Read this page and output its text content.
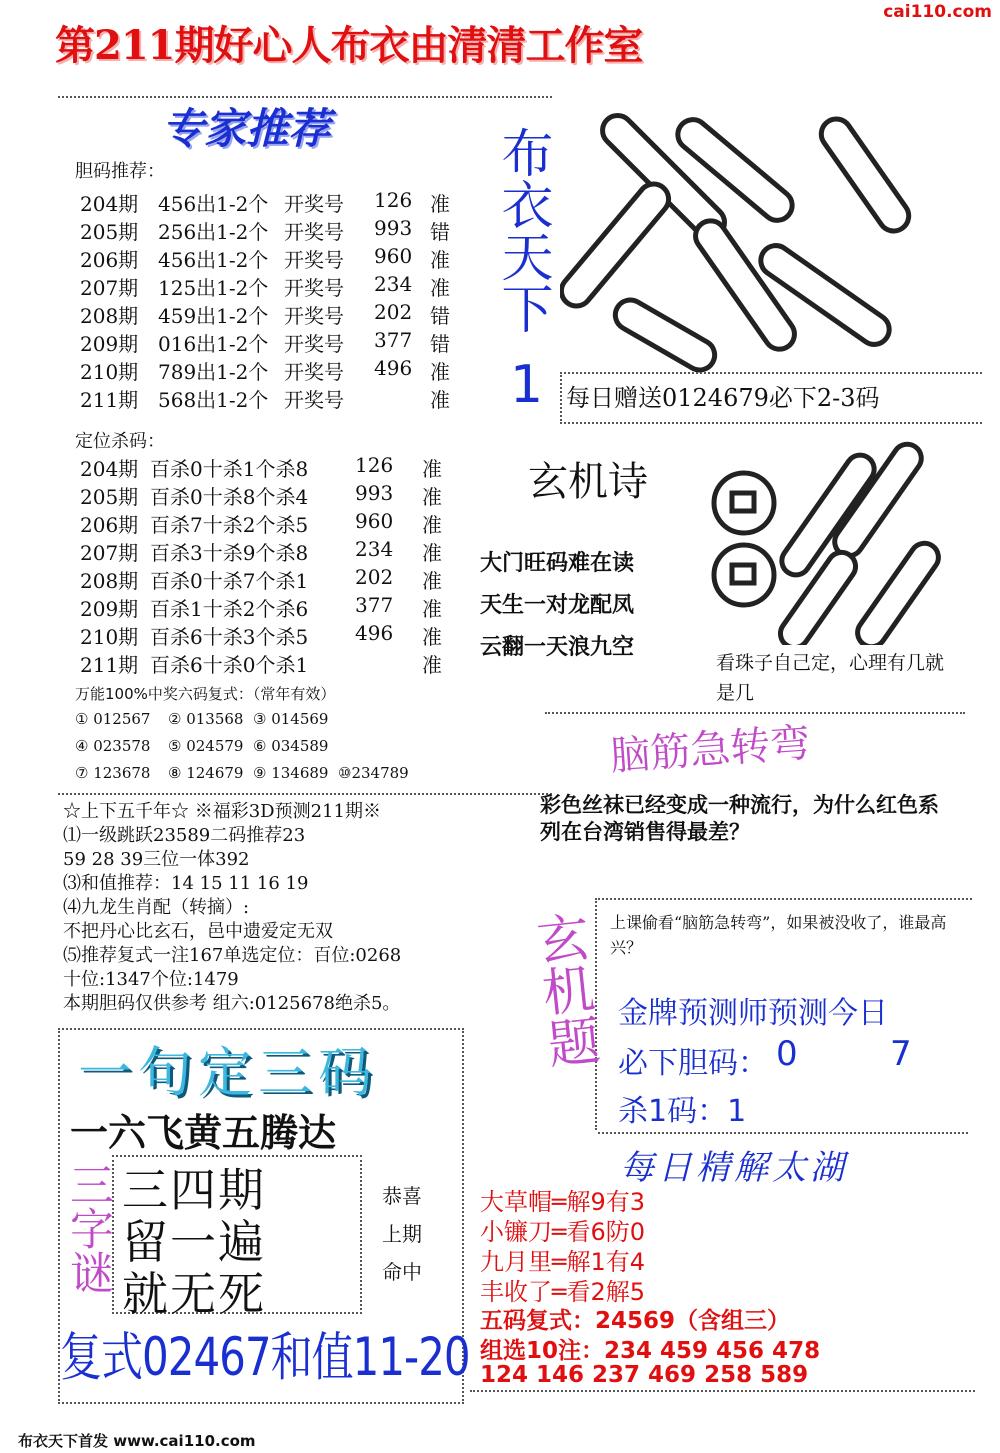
cai110.com
第211期好心人布衣由清清工作室
专家推荐
胆码推荐：
204期 456出1-2个 开奖号 126 准
205期 256出1-2个 开奖号 993 错
206期 456出1-2个 开奖号 960 准
207期 125出1-2个 开奖号 234 准
208期 459出1-2个 开奖号 202 错
209期 016出1-2个 开奖号 377 错
210期 789出1-2个 开奖号 496 准
211期 568出1-2个 开奖号	准
定位杀码：
204期 百杀0十杀1个杀8 126 准
205期 百杀0十杀8个杀4 993 准
206期 百杀7十杀2个杀5 960 准
207期 百杀3十杀9个杀8 234 准
208期 百杀0十杀7个杀1 202 准
209期 百杀1十杀2个杀6 377 准
210期 百杀6十杀3个杀5 496 准
211期 百杀6十杀0个杀1	准
万能100%中奖六码复式：（常年有效）
① 012567 ② 013568 ③ 014569
④ 023578 ⑤ 024579 ⑥ 034589
⑦ 123678 ⑧ 124679 ⑨ 134689 ⑩234789
☆上下五千年☆ ※福彩3D预测211期※
⑴一级跳跃23589二码推荐23
59 28 39三位一体392
⑶和值推荐：14 15 11 16 19
⑷九龙生肖配（转摘）:
不把丹心比玄石，邑中遗爱定无双
⑸推荐复式一注167单选定位：百位:0268
十位:1347个位:1479
本期胆码仅供参考 组六:0125678绝杀5。
布衣天下
1 每日赠送0124679必下2-3码
玄机诗
大门旺码难在读
天生一对龙配凤
云翻一天浪九空
看珠子自己定，心理有几就是几
脑筋急转弯
彩色丝袜已经变成一种流行，为什么红色系列在台湾销售得最差？
玄机题 上课偷看“脑筋急转弯”，如果被没收了，谁最高兴？
金牌预测师预测今日
必下胆码： 0	7
杀1码：1
每日精解太湖
大草帽═解9有3
小镰刀═看6防0
九月里═解1有4
丰收了═看2解5
五码复式：24569（含组三）
组选10注：234 459 456 478
124 146 237 469 258 589
一句定三码
一六飞黄五腾达
三字谜 三四期
留一遍
就无死
恭喜
上期
命中
复式02467和值11-20
布衣天下首发 www.cai110.com
